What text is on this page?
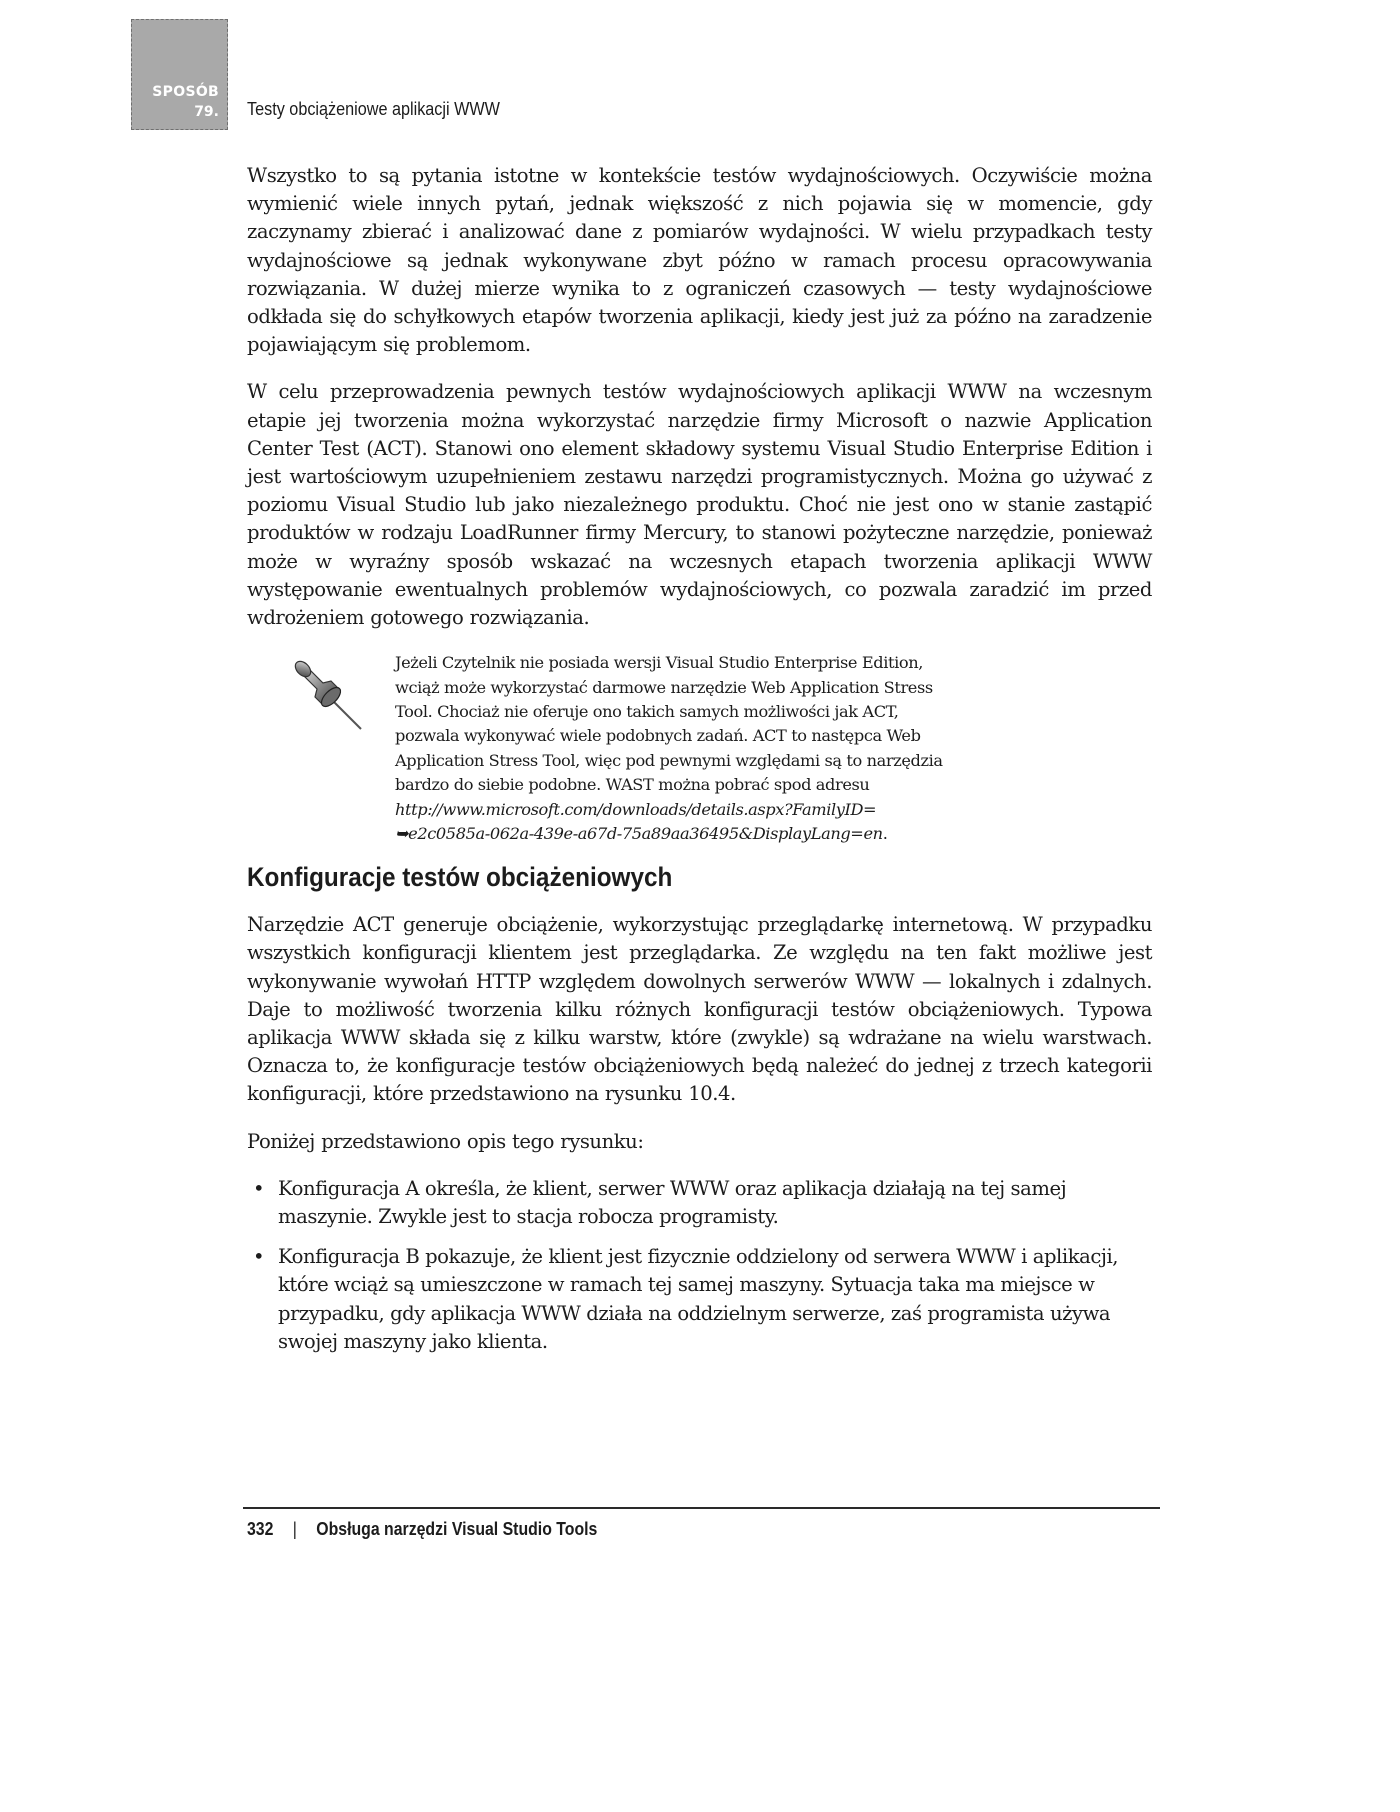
SPOSÓB
79. Testy obciążeniowe aplikacji WWW

Wszystko to są pytania istotne w kontekście testów wydajnościowych. Oczywiście można wymienić wiele innych pytań, jednak większość z nich pojawia się w momencie, gdy zaczynamy zbierać i analizować dane z pomiarów wydajności. W wielu przypadkach testy wydajnościowe są jednak wykonywane zbyt późno w ramach procesu opracowywania rozwiązania. W dużej mierze wynika to z ograniczeń czasowych — testy wydajnościowe odkłada się do schyłkowych etapów tworzenia aplikacji, kiedy jest już za późno na zaradzenie pojawiającym się problemom.

W celu przeprowadzenia pewnych testów wydajnościowych aplikacji WWW na wczesnym etapie jej tworzenia można wykorzystać narzędzie firmy Microsoft o nazwie Application Center Test (ACT). Stanowi ono element składowy systemu Visual Studio Enterprise Edition i jest wartościowym uzupełnieniem zestawu narzędzi programistycznych. Można go używać z poziomu Visual Studio lub jako niezależnego produktu. Choć nie jest ono w stanie zastąpić produktów w rodzaju LoadRunner firmy Mercury, to stanowi pożyteczne narzędzie, ponieważ może w wyraźny sposób wskazać na wczesnych etapach tworzenia aplikacji WWW występowanie ewentualnych problemów wydajnościowych, co pozwala zaradzić im przed wdrożeniem gotowego rozwiązania.

Jeżeli Czytelnik nie posiada wersji Visual Studio Enterprise Edition, wciąż może wykorzystać darmowe narzędzie Web Application Stress Tool. Chociaż nie oferuje ono takich samych możliwości jak ACT, pozwala wykonywać wiele podobnych zadań. ACT to następca Web Application Stress Tool, więc pod pewnymi względami są to narzędzia bardzo do siebie podobne. WAST można pobrać spod adresu http://www.microsoft.com/downloads/details.aspx?FamilyID=
➥e2c0585a-062a-439e-a67d-75a89aa36495&DisplayLang=en.
Konfiguracje testów obciążeniowych

Narzędzie ACT generuje obciążenie, wykorzystując przeglądarkę internetową. W przypadku wszystkich konfiguracji klientem jest przeglądarka. Ze względu na ten fakt możliwe jest wykonywanie wywołań HTTP względem dowolnych serwerów WWW — lokalnych i zdalnych. Daje to możliwość tworzenia kilku różnych konfiguracji testów obciążeniowych. Typowa aplikacja WWW składa się z kilku warstw, które (zwykle) są wdrażane na wielu warstwach. Oznacza to, że konfiguracje testów obciążeniowych będą należeć do jednej z trzech kategorii konfiguracji, które przedstawiono na rysunku 10.4.

Poniżej przedstawiono opis tego rysunku:

• Konfiguracja A określa, że klient, serwer WWW oraz aplikacja działają na tej samej maszynie. Zwykle jest to stacja robocza programisty.
• Konfiguracja B pokazuje, że klient jest fizycznie oddzielony od serwera WWW i aplikacji, które wciąż są umieszczone w ramach tej samej maszyny. Sytuacja taka ma miejsce w przypadku, gdy aplikacja WWW działa na oddzielnym serwerze, zaś programista używa swojej maszyny jako klienta.
332 | Obsługa narzędzi Visual Studio Tools
